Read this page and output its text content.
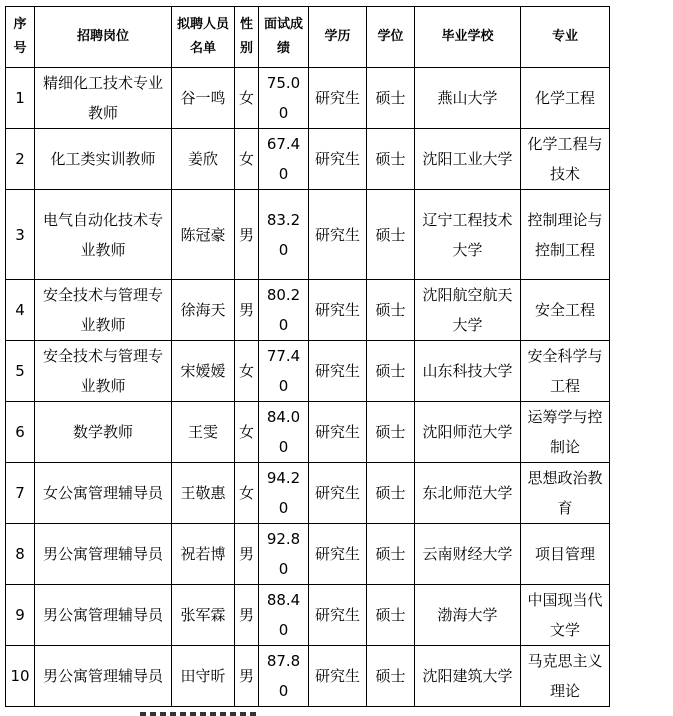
序号	招聘岗位	拟聘人员名单	性别	面试成绩	学历	学位	毕业学校	专业
1	精细化工技术专业教师	谷一鸣	女	75.00	研究生	硕士	燕山大学	化学工程
2	化工类实训教师	姜欣	女	67.40	研究生	硕士	沈阳工业大学	化学工程与技术
3	电气自动化技术专业教师	陈冠豪	男	83.20	研究生	硕士	辽宁工程技术大学	控制理论与控制工程
4	安全技术与管理专业教师	徐海天	男	80.20	研究生	硕士	沈阳航空航天大学	安全工程
5	安全技术与管理专业教师	宋嫒嫒	女	77.40	研究生	硕士	山东科技大学	安全科学与工程
6	数学教师	王雯	女	84.00	研究生	硕士	沈阳师范大学	运筹学与控制论
7	女公寓管理辅导员	王敬惠	女	94.20	研究生	硕士	东北师范大学	思想政治教育
8	男公寓管理辅导员	祝若博	男	92.80	研究生	硕士	云南财经大学	项目管理
9	男公寓管理辅导员	张军霖	男	88.40	研究生	硕士	渤海大学	中国现当代文学
10	男公寓管理辅导员	田守昕	男	87.80	研究生	硕士	沈阳建筑大学	马克思主义理论
